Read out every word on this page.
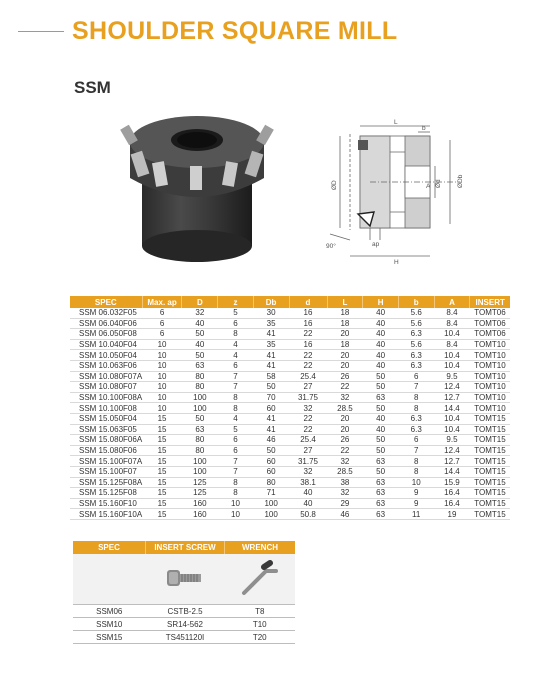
SHOULDER SQUARE MILL
SSM
L
b
ØD	Ød
A	ØDb
ap
90°
H
SPEC	Max. ap	D	z	Db	d	L	H	b	A	INSERT
SSM 06.032F05	6	32	5	30	16	18	40	5.6	8.4	TOMT06
SSM 06.040F06	6	40	6	35	16	18	40	5.6	8.4	TOMT06
SSM 06.050F08	6	50	8	41	22	20	40	6.3	10.4	TOMT06
SSM 10.040F04	10	40	4	35	16	18	40	5.6	8.4	TOMT10
SSM 10.050F04	10	50	4	41	22	20	40	6.3	10.4	TOMT10
SSM 10.063F06	10	63	6	41	22	20	40	6.3	10.4	TOMT10
SSM 10.080F07A	10	80	7	58	25.4	26	50	6	9.5	TOMT10
SSM 10.080F07	10	80	7	50	27	22	50	7	12.4	TOMT10
SSM 10.100F08A	10	100	8	70	31.75	32	63	8	12.7	TOMT10
SSM 10.100F08	10	100	8	60	32	28.5	50	8	14.4	TOMT10
SSM 15.050F04	15	50	4	41	22	20	40	6.3	10.4	TOMT15
SSM 15.063F05	15	63	5	41	22	20	40	6.3	10.4	TOMT15
SSM 15.080F06A	15	80	6	46	25.4	26	50	6	9.5	TOMT15
SSM 15.080F06	15	80	6	50	27	22	50	7	12.4	TOMT15
SSM 15.100F07A	15	100	7	60	31.75	32	63	8	12.7	TOMT15
SSM 15.100F07	15	100	7	60	32	28.5	50	8	14.4	TOMT15
SSM 15.125F08A	15	125	8	80	38.1	38	63	10	15.9	TOMT15
SSM 15.125F08	15	125	8	71	40	32	63	9	16.4	TOMT15
SSM 15.160F10	15	160	10	100	40	29	63	9	16.4	TOMT15
SSM 15.160F10A	15	160	10	100	50.8	46	63	11	19	TOMT15
SPEC	INSERT SCREW	WRENCH

SSM06	CSTB-2.5	T8
SSM10	SR14-562	T10
SSM15	TS451120I	T20
